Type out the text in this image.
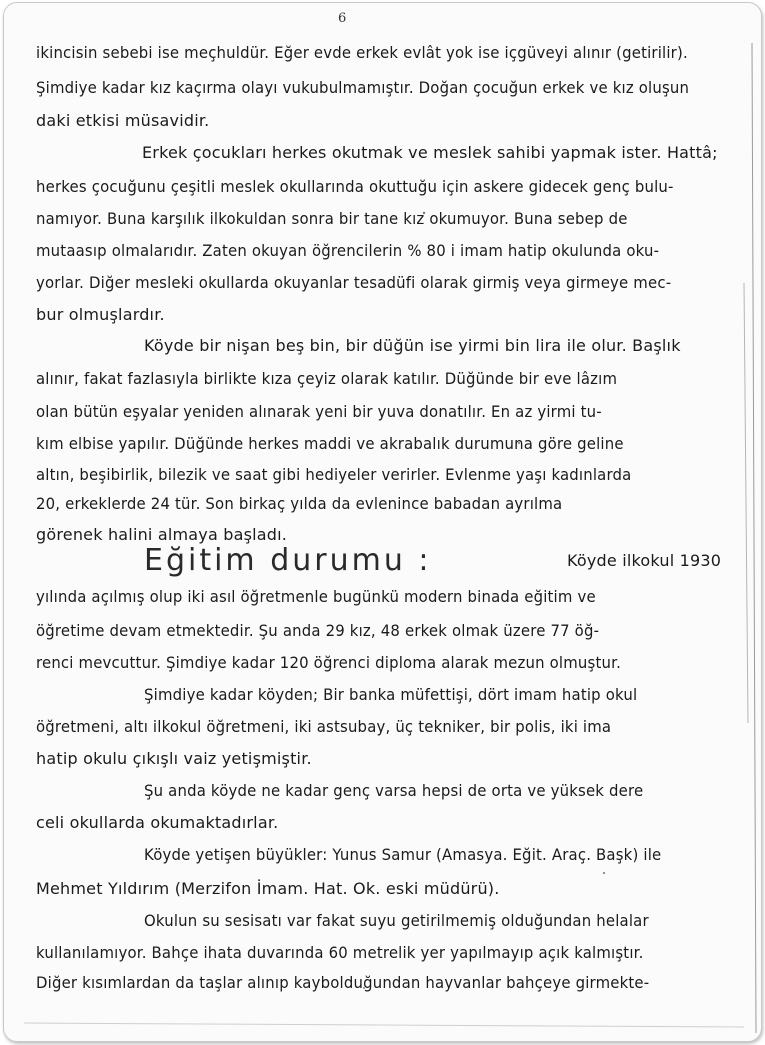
6
ikincisin sebebi ise meçhuldür. Eğer evde erkek evlât yok ise içgüveyi alınır (getirilir).
Şimdiye kadar kız kaçırma olayı vukubulmamıştır. Doğan çocuğun erkek ve kız oluşun
daki etkisi müsavidir.
Erkek çocukları herkes okutmak ve meslek sahibi yapmak ister. Hattâ;
herkes çocuğunu çeşitli meslek okullarında okuttuğu için askere gidecek genç bulu-
namıyor. Buna karşılık ilkokuldan sonra bir tane kız okumuyor. Buna sebep de
mutaasıp olmalarıdır. Zaten okuyan öğrencilerin % 80 i imam hatip okulunda oku-
yorlar. Diğer mesleki okullarda okuyanlar tesadüfi olarak girmiş veya girmeye mec-
bur olmuşlardır.
Köyde bir nişan beş bin, bir düğün ise yirmi bin lira ile olur. Başlık
alınır, fakat fazlasıyla birlikte kıza çeyiz olarak katılır. Düğünde bir eve lâzım
olan bütün eşyalar yeniden alınarak yeni bir yuva donatılır. En az yirmi tu-
kım elbise yapılır. Düğünde herkes maddi ve akrabalık durumuna göre geline
altın, beşibirlik, bilezik ve saat gibi hediyeler verirler. Evlenme yaşı kadınlarda
20, erkeklerde 24 tür. Son birkaç yılda da evlenince babadan ayrılma
görenek halini almaya başladı.
Eğitim durumu :	Köyde ilkokul 1930
yılında açılmış olup iki asıl öğretmenle bugünkü modern binada eğitim ve
öğretime devam etmektedir. Şu anda 29 kız, 48 erkek olmak üzere 77 öğ-
renci mevcuttur. Şimdiye kadar 120 öğrenci diploma alarak mezun olmuştur.
Şimdiye kadar köyden; Bir banka müfettişi, dört imam hatip okul
öğretmeni, altı ilkokul öğretmeni, iki astsubay, üç tekniker, bir polis, iki ima
hatip okulu çıkışlı vaiz yetişmiştir.
Şu anda köyde ne kadar genç varsa hepsi de orta ve yüksek dere
celi okullarda okumaktadırlar.
Köyde yetişen büyükler: Yunus Samur (Amasya. Eğit. Araç. Başk) ile
Mehmet Yıldırım (Merzifon İmam. Hat. Ok. eski müdürü).
Okulun su sesisatı var fakat suyu getirilmemiş olduğundan helalar
kullanılamıyor. Bahçe ihata duvarında 60 metrelik yer yapılmayıp açık kalmıştır.
Diğer kısımlardan da taşlar alınıp kaybolduğundan hayvanlar bahçeye girmekte-
